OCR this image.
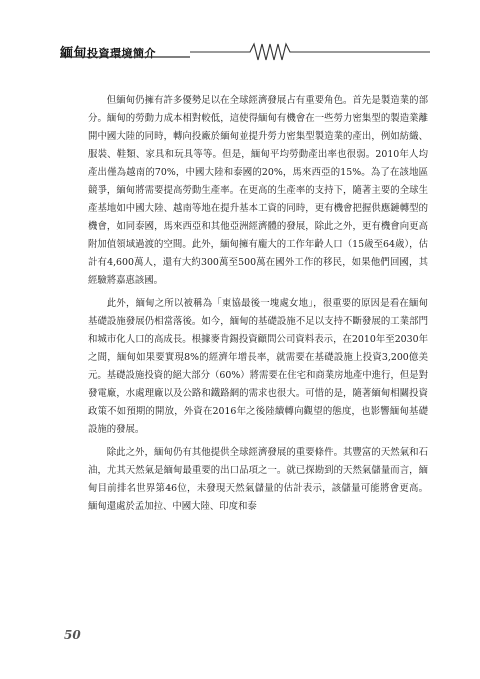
緬甸投資環境簡介

但緬甸仍擁有許多優勢足以在全球經濟發展占有重要角色。首先是製造業的部分。緬甸的勞動力成本相對較低，這使得緬甸有機會在一些勞力密集型的製造業離開中國大陸的同時，轉向投廠於緬甸並提升勞力密集型製造業的產出，例如紡織、服裝、鞋類、家具和玩具等等。但是，緬甸平均勞動產出率也很弱。2010年人均產出僅為越南的70%，中國大陸和泰國的20%，馬來西亞的15%。為了在該地區競爭，緬甸將需要提高勞動生產率。在更高的生產率的支持下，隨著主要的全球生產基地如中國大陸、越南等地在提升基本工資的同時，更有機會把握供應鏈轉型的機會，如同泰國，馬來西亞和其他亞洲經濟體的發展，除此之外，更有機會向更高附加值領域過渡的空間。此外，緬甸擁有龐大的工作年齡人口（15歲至64歲），估計有4,600萬人，還有大約300萬至500萬在國外工作的移民，如果他們回國，其經驗將嘉惠該國。

此外，緬甸之所以被稱為「東協最後一塊處女地」，很重要的原因是看在緬甸基礎設施發展仍相當落後。如今，緬甸的基礎設施不足以支持不斷發展的工業部門和城市化人口的高成長。根據麥肯錫投資顧問公司資料表示，在2010年至2030年之間，緬甸如果要實現8%的經濟年增長率，就需要在基礎設施上投資3,200億美元。基礎設施投資的絕大部分（60%）將需要在住宅和商業房地產中進行，但是對發電廠，水處理廠以及公路和鐵路網的需求也很大。可惜的是，隨著緬甸相關投資政策不如預期的開放，外資在2016年之後陸續轉向觀望的態度，也影響緬甸基礎設施的發展。

除此之外，緬甸仍有其他提供全球經濟發展的重要條件。其豐富的天然氣和石油，尤其天然氣是緬甸最重要的出口品項之一。就已探勘到的天然氣儲量而言，緬甸目前排名世界第46位，未發現天然氣儲量的估計表示，該儲量可能將會更高。緬甸還處於孟加拉、中國大陸、印度和泰

50
